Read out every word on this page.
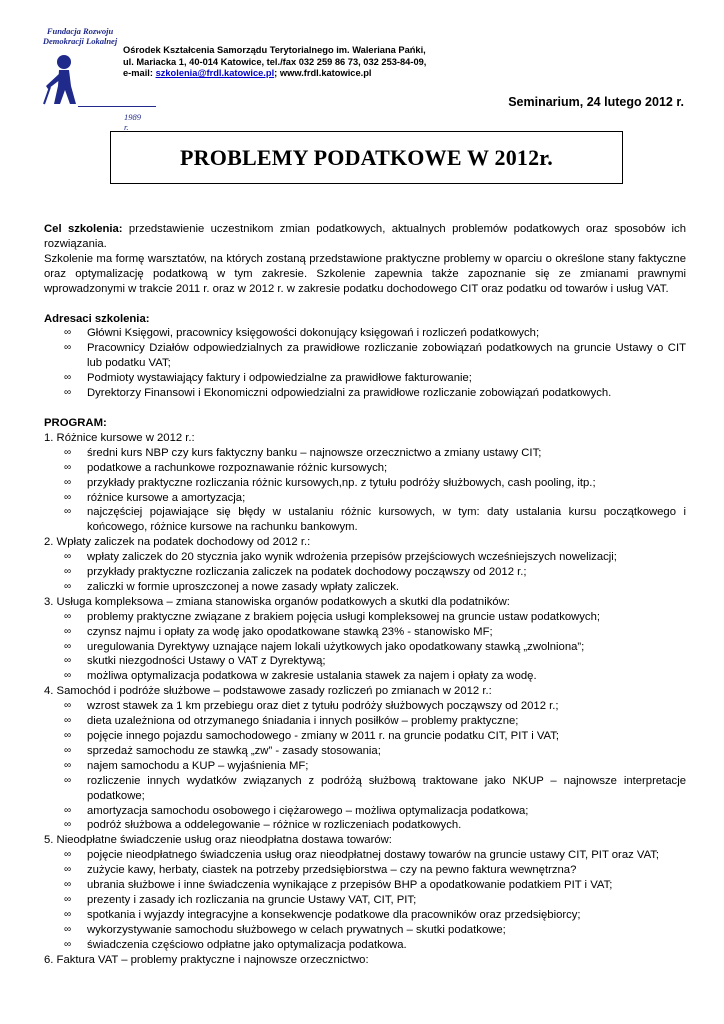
Fundacja Rozwoju
Demokracji Lokalnej
1989 r.
Ośrodek Kształcenia Samorządu Terytorialnego im. Waleriana Pańki,
ul. Mariacka 1, 40-014 Katowice, tel./fax 032 259 86 73, 032 253-84-09,
e-mail: szkolenia@frdl.katowice.pl; www.frdl.katowice.pl
Seminarium, 24 lutego 2012 r.
PROBLEMY PODATKOWE W 2012r.

Cel szkolenia: przedstawienie uczestnikom zmian podatkowych, aktualnych problemów podatkowych oraz sposobów ich rozwiązania.

Szkolenie ma formę warsztatów, na których zostaną przedstawione praktyczne problemy w oparciu o określone stany faktyczne oraz optymalizację podatkową w tym zakresie. Szkolenie zapewnia także zapoznanie się ze zmianami prawnymi wprowadzonymi w trakcie 2011 r. oraz w 2012 r. w zakresie podatku dochodowego CIT oraz podatku od towarów i usług VAT.

Adresaci szkolenia:

∞ Główni Księgowi, pracownicy księgowości dokonujący księgowań i rozliczeń podatkowych;
∞ Pracownicy Działów odpowiedzialnych za prawidłowe rozliczanie zobowiązań podatkowych na gruncie Ustawy o CIT lub podatku VAT;
∞ Podmioty wystawiający faktury i odpowiedzialne za prawidłowe fakturowanie;
∞ Dyrektorzy Finansowi i Ekonomiczni odpowiedzialni za prawidłowe rozliczanie zobowiązań podatkowych.

PROGRAM:

1. Różnice kursowe w 2012 r.:
∞ średni kurs NBP czy kurs faktyczny banku – najnowsze orzecznictwo a zmiany ustawy CIT;
∞ podatkowe a rachunkowe rozpoznawanie różnic kursowych;
∞ przykłady praktyczne rozliczania różnic kursowych,np. z tytułu podróży służbowych, cash pooling, itp.;
∞ różnice kursowe a amortyzacja;
∞ najczęściej pojawiające się błędy w ustalaniu różnic kursowych, w tym: daty ustalania kursu początkowego i końcowego, różnice kursowe na rachunku bankowym.
2. Wpłaty zaliczek na podatek dochodowy od 2012 r.:
∞ wpłaty zaliczek do 20 stycznia jako wynik wdrożenia przepisów przejściowych wcześniejszych nowelizacji;
∞ przykłady praktyczne rozliczania zaliczek na podatek dochodowy począwszy od 2012 r.;
∞ zaliczki w formie uproszczonej a nowe zasady wpłaty zaliczek.
3. Usługa kompleksowa – zmiana stanowiska organów podatkowych a skutki dla podatników:
∞ problemy praktyczne związane z brakiem pojęcia usługi kompleksowej na gruncie ustaw podatkowych;
∞ czynsz najmu i opłaty za wodę jako opodatkowane stawką 23% - stanowisko MF;
∞ uregulowania Dyrektywy uznające najem lokali użytkowych jako opodatkowany stawką „zwolniona”;
∞ skutki niezgodności Ustawy o VAT z Dyrektywą;
∞ możliwa optymalizacja podatkowa w zakresie ustalania stawek za najem i opłaty za wodę.
4. Samochód i podróże służbowe – podstawowe zasady rozliczeń po zmianach w 2012 r.:
∞ wzrost stawek za 1 km przebiegu oraz diet z tytułu podróży służbowych począwszy od 2012 r.;
∞ dieta uzależniona od otrzymanego śniadania i innych posiłków – problemy praktyczne;
∞ pojęcie innego pojazdu samochodowego - zmiany w 2011 r. na gruncie podatku CIT, PIT i VAT;
∞ sprzedaż samochodu ze stawką „zw” - zasady stosowania;
∞ najem samochodu a KUP – wyjaśnienia MF;
∞ rozliczenie innych wydatków związanych z podróżą służbową traktowane jako NKUP – najnowsze interpretacje podatkowe;
∞ amortyzacja samochodu osobowego i ciężarowego – możliwa optymalizacja podatkowa;
∞ podróż służbowa a oddelegowanie – różnice w rozliczeniach podatkowych.
5. Nieodpłatne świadczenie usług oraz nieodpłatna dostawa towarów:
∞ pojęcie nieodpłatnego świadczenia usług oraz nieodpłatnej dostawy towarów na gruncie ustawy CIT, PIT oraz VAT;
∞ zużycie kawy, herbaty, ciastek na potrzeby przedsiębiorstwa – czy na pewno faktura wewnętrzna?
∞ ubrania służbowe i inne świadczenia wynikające z przepisów BHP a opodatkowanie podatkiem PIT i VAT;
∞ prezenty i zasady ich rozliczania na gruncie Ustawy VAT, CIT, PIT;
∞ spotkania i wyjazdy integracyjne a konsekwencje podatkowe dla pracowników oraz przedsiębiorcy;
∞ wykorzystywanie samochodu służbowego w celach prywatnych – skutki podatkowe;
∞ świadczenia częściowo odpłatne jako optymalizacja podatkowa.
6. Faktura VAT – problemy praktyczne i najnowsze orzecznictwo:
